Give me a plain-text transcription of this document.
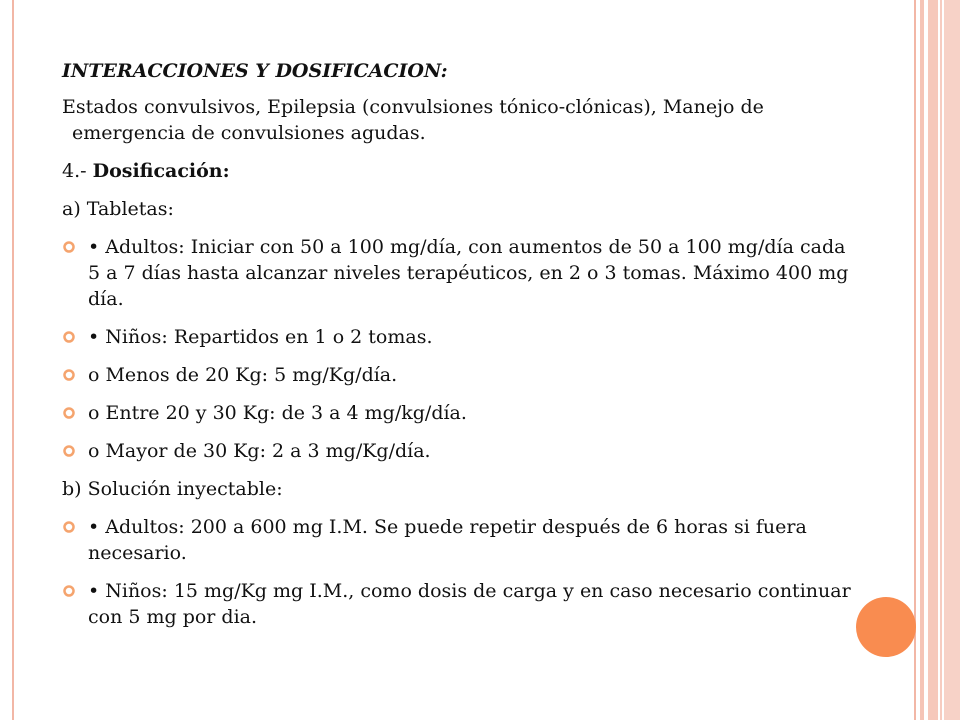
INTERACCIONES Y DOSIFICACION:
Estados convulsivos, Epilepsia (convulsiones tónico-clónicas), Manejo de emergencia de convulsiones agudas.
4.- Dosificación:
a) Tabletas:
• Adultos: Iniciar con 50 a 100 mg/día, con aumentos de 50 a 100 mg/día cada 5 a 7 días hasta alcanzar niveles terapéuticos, en 2 o 3 tomas. Máximo 400 mg día.
• Niños: Repartidos en 1 o 2 tomas.
o Menos de 20 Kg: 5 mg/Kg/día.
o Entre 20 y 30 Kg: de 3 a 4 mg/kg/día.
o Mayor de 30 Kg: 2 a 3 mg/Kg/día.
b) Solución inyectable:
• Adultos: 200 a 600 mg I.M. Se puede repetir después de 6 horas si fuera necesario.
• Niños: 15 mg/Kg mg I.M., como dosis de carga y en caso necesario continuar con 5 mg por dia.
